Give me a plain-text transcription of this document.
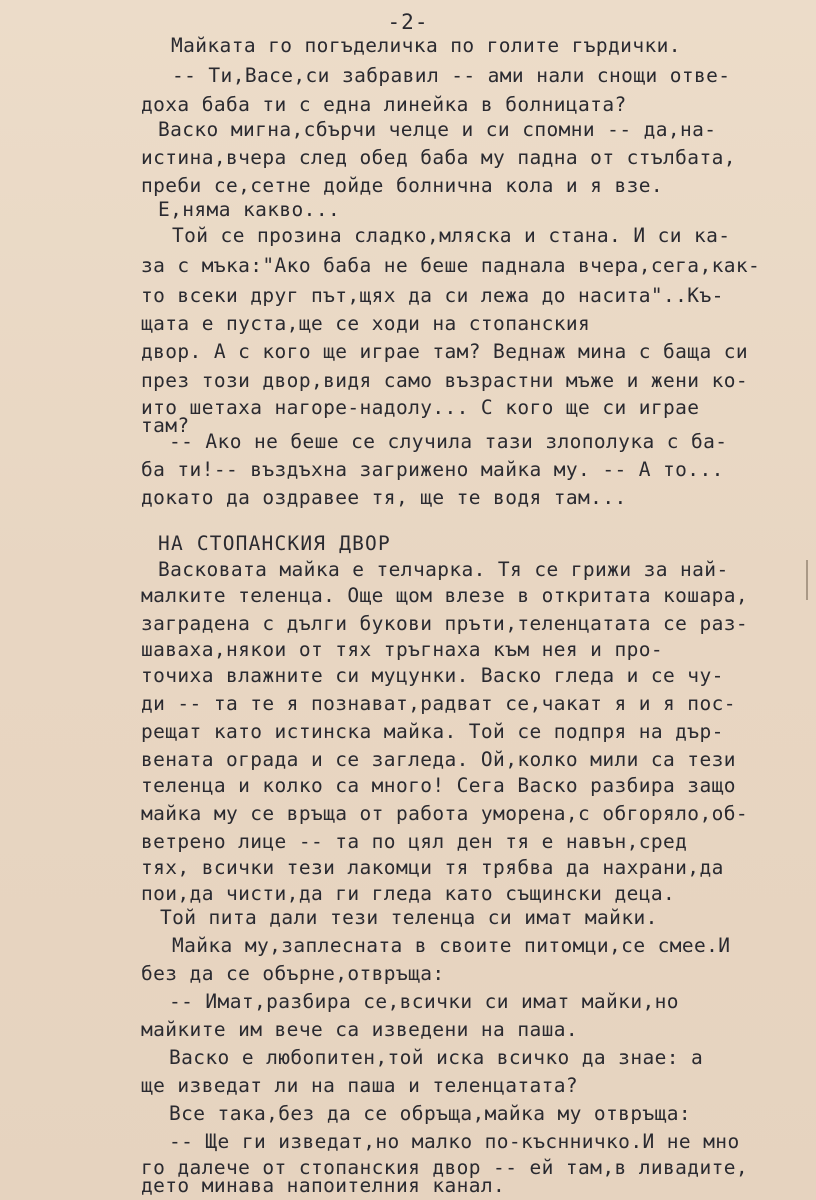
-2-
Майката го погъделичка по голите гърдички.
-- Ти,Васе,си забравил -- ами нали снощи отве-
доха баба ти с една линейка в болницата?
Васко мигна,сбърчи челце и си спомни -- да,на-
истина,вчера след обед баба му падна от стълбата,
преби се,сетне дойде болнична кола и я взе.
Е,няма какво...
Той се прозина сладко,мляска и стана. И си ка-
за с мъка:"Ако баба не беше паднала вчера,сега,как-
то всеки друг път,щях да си лежа до насита"..Къ-
щата е пуста,ще се ходи на стопанския
двор. А с кого ще играе там? Веднаж мина с баща си
през този двор,видя само възрастни мъже и жени ко-
ито шетаха нагоре-надолу... С кого ще си играе
там?
-- Ако не беше се случила тази злополука с ба-
ба ти!-- въздъхна загрижено майка му. -- А то...
докато да оздравее тя, ще те водя там...
НА СТОПАНСКИЯ ДВОР
Васковата майка е телчарка. Тя се грижи за най-
малките теленца. Още щом влезе в откритата кошара,
заградена с дълги букови пръти,теленцатата се раз-
шаваха,някои от тях тръгнаха към нея и про-
точиха влажните си муцунки. Васко гледа и се чу-
ди -- та те я познават,радват се,чакат я и я пос-
рещат като истинска майка. Той се подпря на дър-
вената ограда и се загледа. Ой,колко мили са тези
теленца и колко са много! Сега Васко разбира защо
майка му се връща от работа уморена,с обгоряло,об-
ветрено лице -- та по цял ден тя е навън,сред
тях, всички тези лакомци тя трябва да нахрани,да
пои,да чисти,да ги гледа като същински деца.
Той пита дали тези теленца си имат майки.
Майка му,заплесната в своите питомци,се смее.И
без да се обърне,отвръща:
-- Имат,разбира се,всички си имат майки,но
майките им вече са изведени на паша.
Васко е любопитен,той иска всичко да знае: а
ще изведат ли на паша и теленцатата?
Все така,без да се обръща,майка му отвръща:
-- Ще ги изведат,но малко по-къснничко.И не мно
го далече от стопанския двор -- ей там,в ливадите,
дето минава напоителния канал.
